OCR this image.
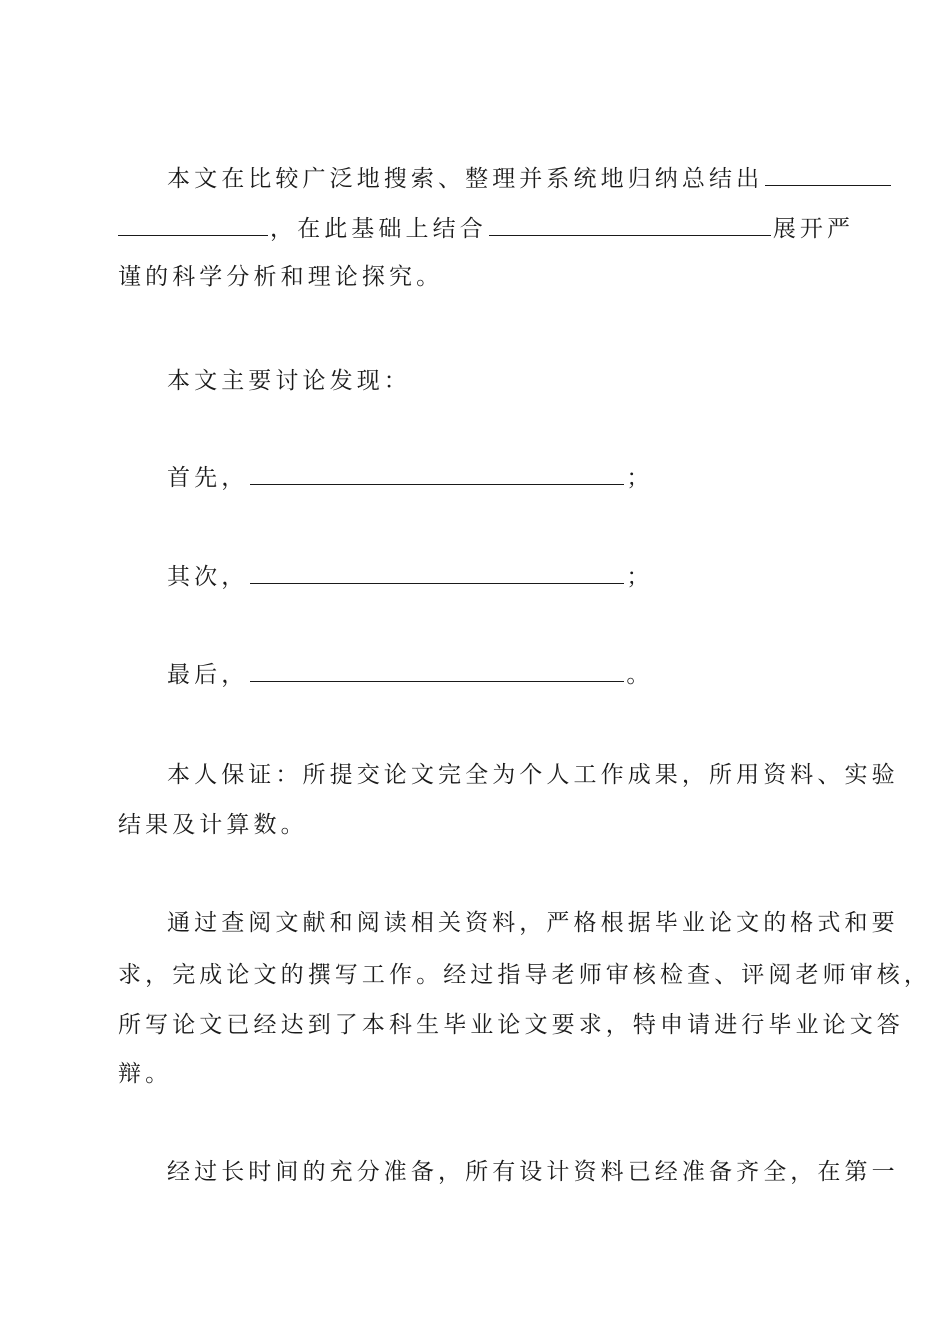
本文在比较广泛地搜索、整理并系统地归纳总结出
，在此基础上结合	展开严
谨的科学分析和理论探究。
本文主要讨论发现：
首先，	；
其次，	；
最后，	。
本人保证：所提交论文完全为个人工作成果，所用资料、实验
结果及计算数。
通过查阅文献和阅读相关资料，严格根据毕业论文的格式和要
求，完成论文的撰写工作。经过指导老师审核检查、评阅老师审核，
所写论文已经达到了本科生毕业论文要求，特申请进行毕业论文答
辩。
经过长时间的充分准备，所有设计资料已经准备齐全，在第一
